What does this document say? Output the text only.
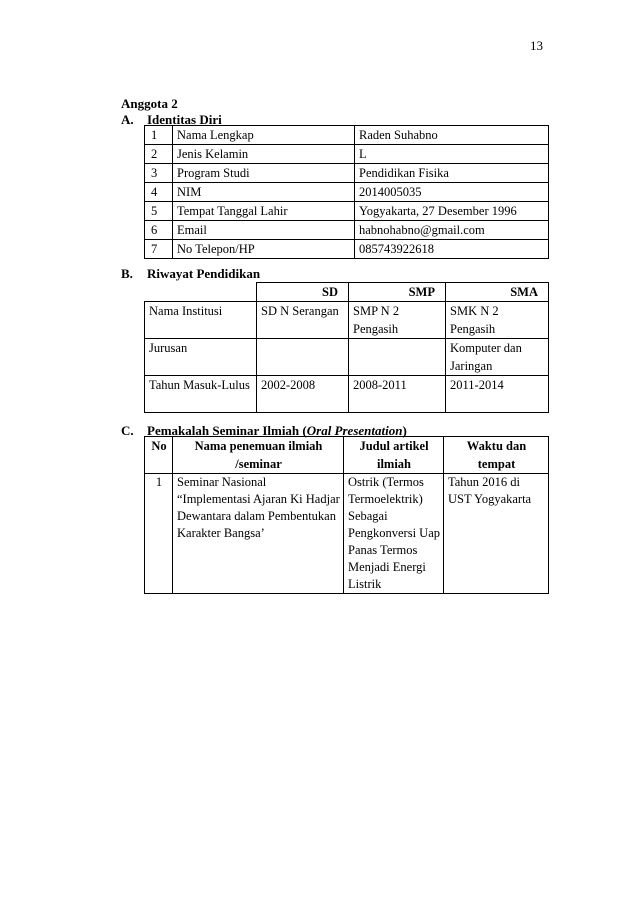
13
Anggota 2
A. Identitas Diri
1	Nama Lengkap	Raden Suhabno
2	Jenis Kelamin	L
3	Program Studi	Pendidikan Fisika
4	NIM	2014005035
5	Tempat Tanggal Lahir	Yogyakarta, 27 Desember 1996
6	Email	habnohabno@gmail.com
7	No Telepon/HP	085743922618
B. Riwayat Pendidikan
	SD	SMP	SMA
Nama Institusi	SD N Serangan	SMP N 2 Pengasih	SMK N 2 Pengasih
Jurusan			Komputer dan Jaringan
Tahun Masuk-Lulus	2002-2008	2008-2011	2011-2014
C. Pemakalah Seminar Ilmiah (Oral Presentation)
No	Nama penemuan ilmiah /seminar	Judul artikel ilmiah	Waktu dan tempat
1	Seminar Nasional “Implementasi Ajaran Ki Hadjar Dewantara dalam Pembentukan Karakter Bangsa’	Ostrik (Termos Termoelektrik) Sebagai Pengkonversi Uap Panas Termos Menjadi Energi Listrik	Tahun 2016 di UST Yogyakarta
